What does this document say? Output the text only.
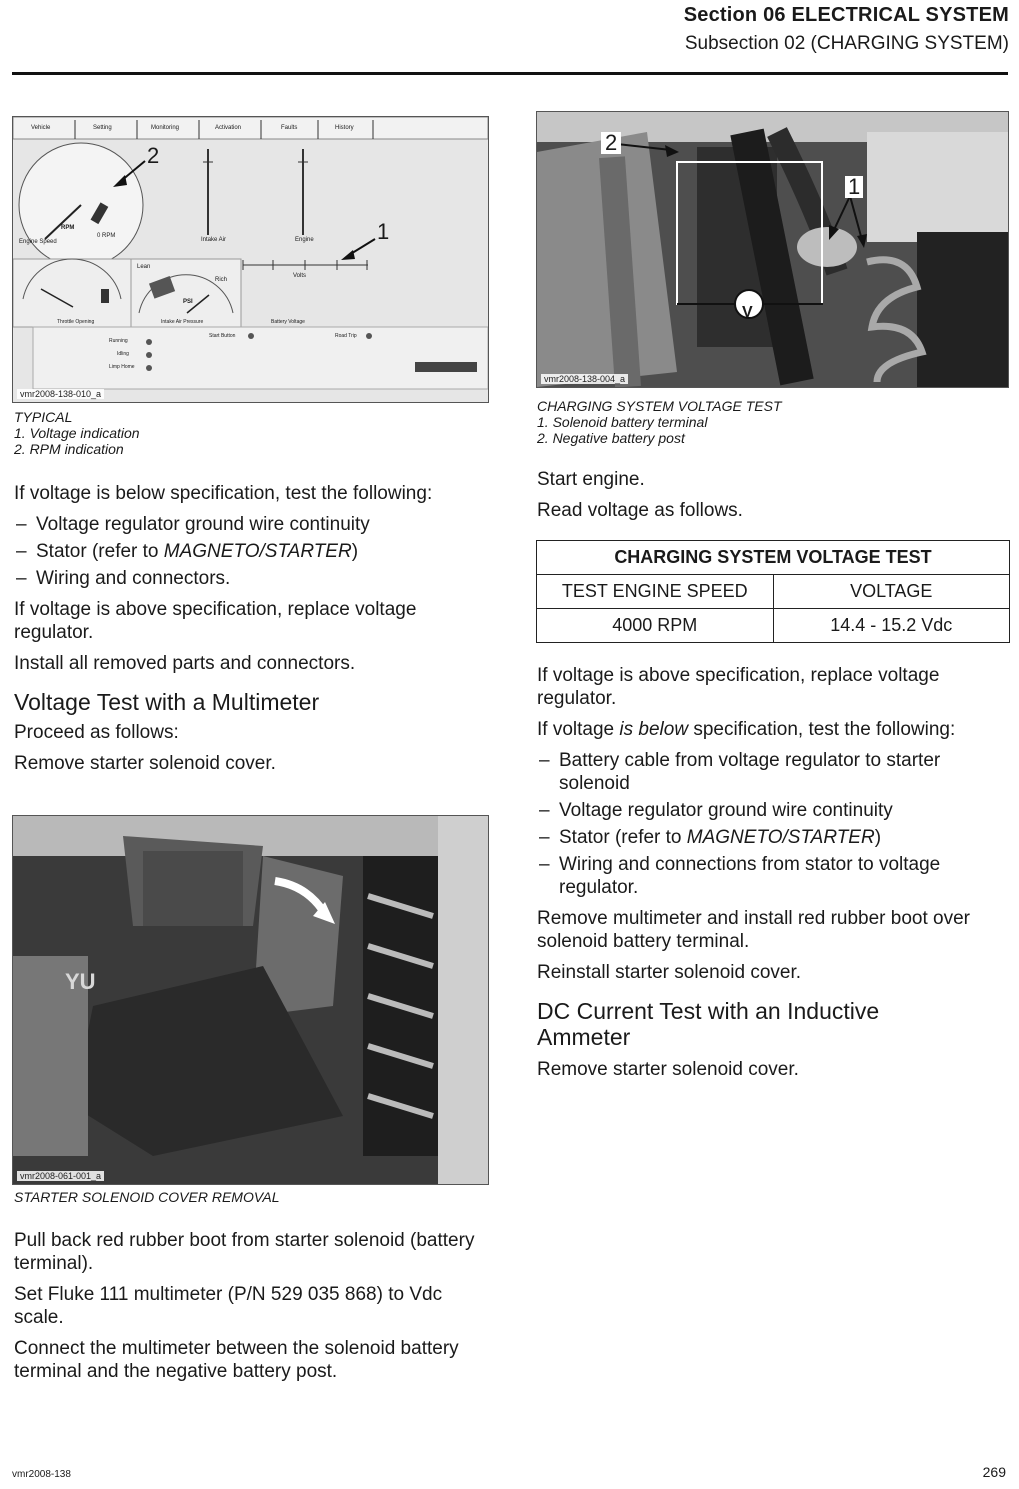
Section 06 ELECTRICAL SYSTEM
Subsection 02 (CHARGING SYSTEM)
Vehicle	Setting	Monitoring	Activation	Faults	History
2
1
RPM
Engine Speed
0 RPM
Intake Air	Engine
Volts
Lean
Rich
PSI
Throttle Opening	Intake Air Pressure	Battery Voltage
Running
Start Button	Road Trip
Idling
Limp Home
vmr2008-138-010_a
TYPICAL
1. Voltage indication
2. RPM indication

If voltage is below specification, test the following:

– Voltage regulator ground wire continuity
– Stator (refer to MAGNETO/STARTER)
– Wiring and connectors.

If voltage is above specification, replace voltage regulator.

Install all removed parts and connectors.

Voltage Test with a Multimeter

Proceed as follows:

Remove starter solenoid cover.

YU
vmr2008-061-001_a
STARTER SOLENOID COVER REMOVAL

Pull back red rubber boot from starter solenoid (battery terminal).

Set Fluke 111 multimeter (P/N 529 035 868) to Vdc scale.

Connect the multimeter between the solenoid battery terminal and the negative battery post.

2
1
V
vmr2008-138-004_a
CHARGING SYSTEM VOLTAGE TEST
1. Solenoid battery terminal
2. Negative battery post

Start engine.

Read voltage as follows.

CHARGING SYSTEM VOLTAGE TEST	
TEST ENGINE SPEED	VOLTAGE
4000 RPM	14.4 - 15.2 Vdc

If voltage is above specification, replace voltage regulator.

If voltage is below specification, test the following:

– Battery cable from voltage regulator to starter solenoid
– Voltage regulator ground wire continuity
– Stator (refer to MAGNETO/STARTER)
– Wiring and connections from stator to voltage regulator.

Remove multimeter and install red rubber boot over solenoid battery terminal.

Reinstall starter solenoid cover.

DC Current Test with an Inductive Ammeter

Remove starter solenoid cover.

vmr2008-138	269
